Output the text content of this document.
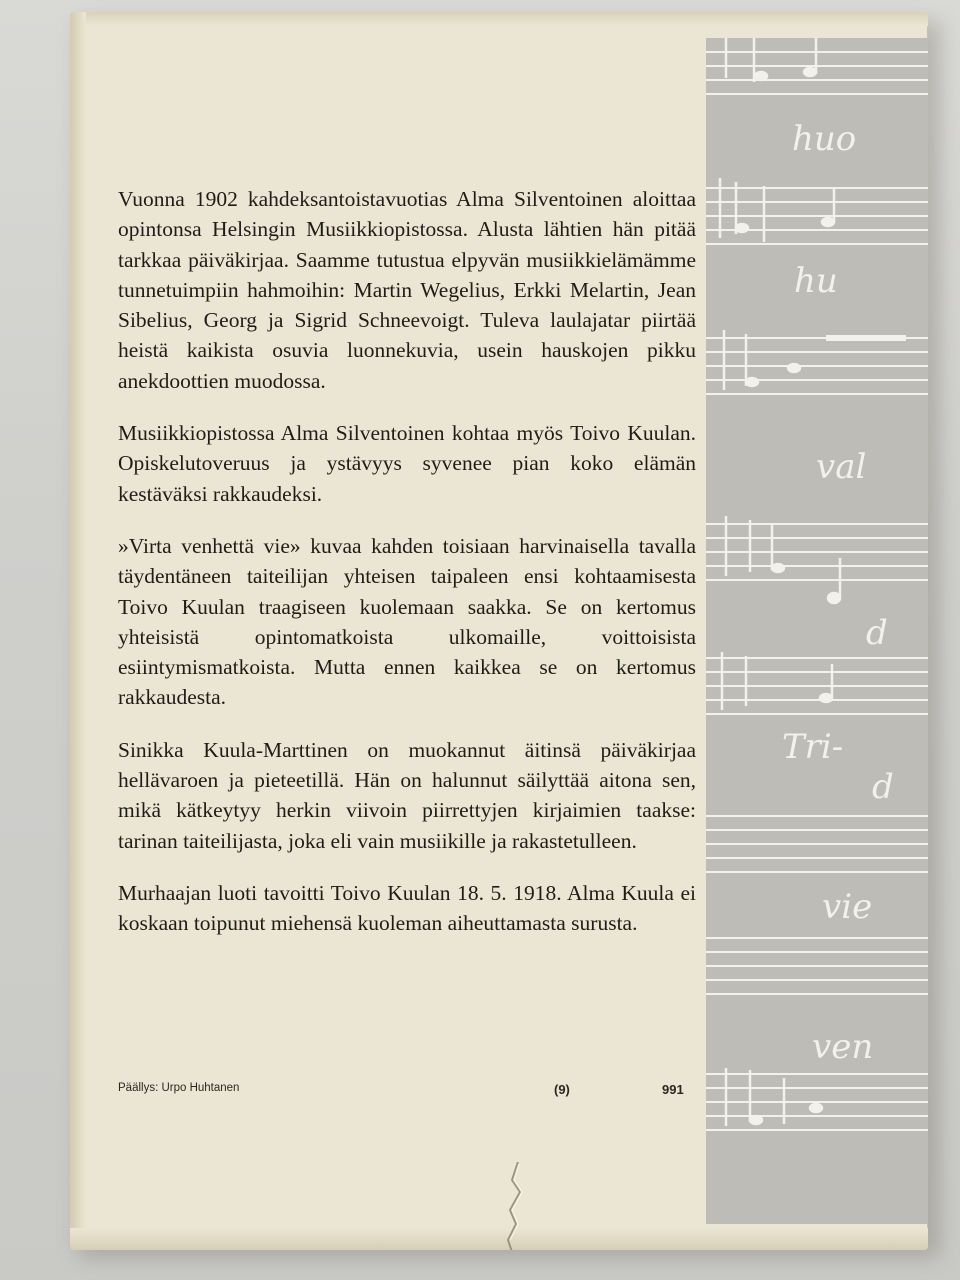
huo
hu
val
d
Tri-
d
vie
ven

Vuonna 1902 kahdeksantoistavuotias Alma Silventoinen aloittaa opintonsa Helsingin Musiikkiopistossa. Alusta lähtien hän pitää tarkkaa päiväkirjaa. Saamme tutustua elpyvän musiikkielämämme tunnetuimpiin hahmoihin: Martin Wegelius, Erkki Melartin, Jean Sibelius, Georg ja Sigrid Schneevoigt. Tuleva laulajatar piirtää heistä kaikista osuvia luonnekuvia, usein hauskojen pikku anekdoottien muodossa.

Musiikkiopistossa Alma Silventoinen kohtaa myös Toivo Kuulan. Opiskelutoveruus ja ystävyys syvenee pian koko elämän kestäväksi rakkaudeksi.

»Virta venhettä vie» kuvaa kahden toisiaan harvinaisella tavalla täydentäneen taiteilijan yhteisen taipaleen ensi kohtaamisesta Toivo Kuulan traagiseen kuolemaan saakka. Se on kertomus yhteisistä opintomatkoista ulkomaille, voittoisista esiintymismatkoista. Mutta ennen kaikkea se on kertomus rakkaudesta.

Sinikka Kuula-Marttinen on muokannut äitinsä päiväkirjaa hellävaroen ja pieteetillä. Hän on halunnut säilyttää aitona sen, mikä kätkeytyy herkin viivoin piirrettyjen kirjaimien taakse: tarinan taiteilijasta, joka eli vain musiikille ja rakastetulleen.

Murhaajan luoti tavoitti Toivo Kuulan 18. 5. 1918. Alma Kuula ei koskaan toipunut miehensä kuoleman aiheuttamasta surusta.

Päällys: Urpo Huhtanen	(9)	991
